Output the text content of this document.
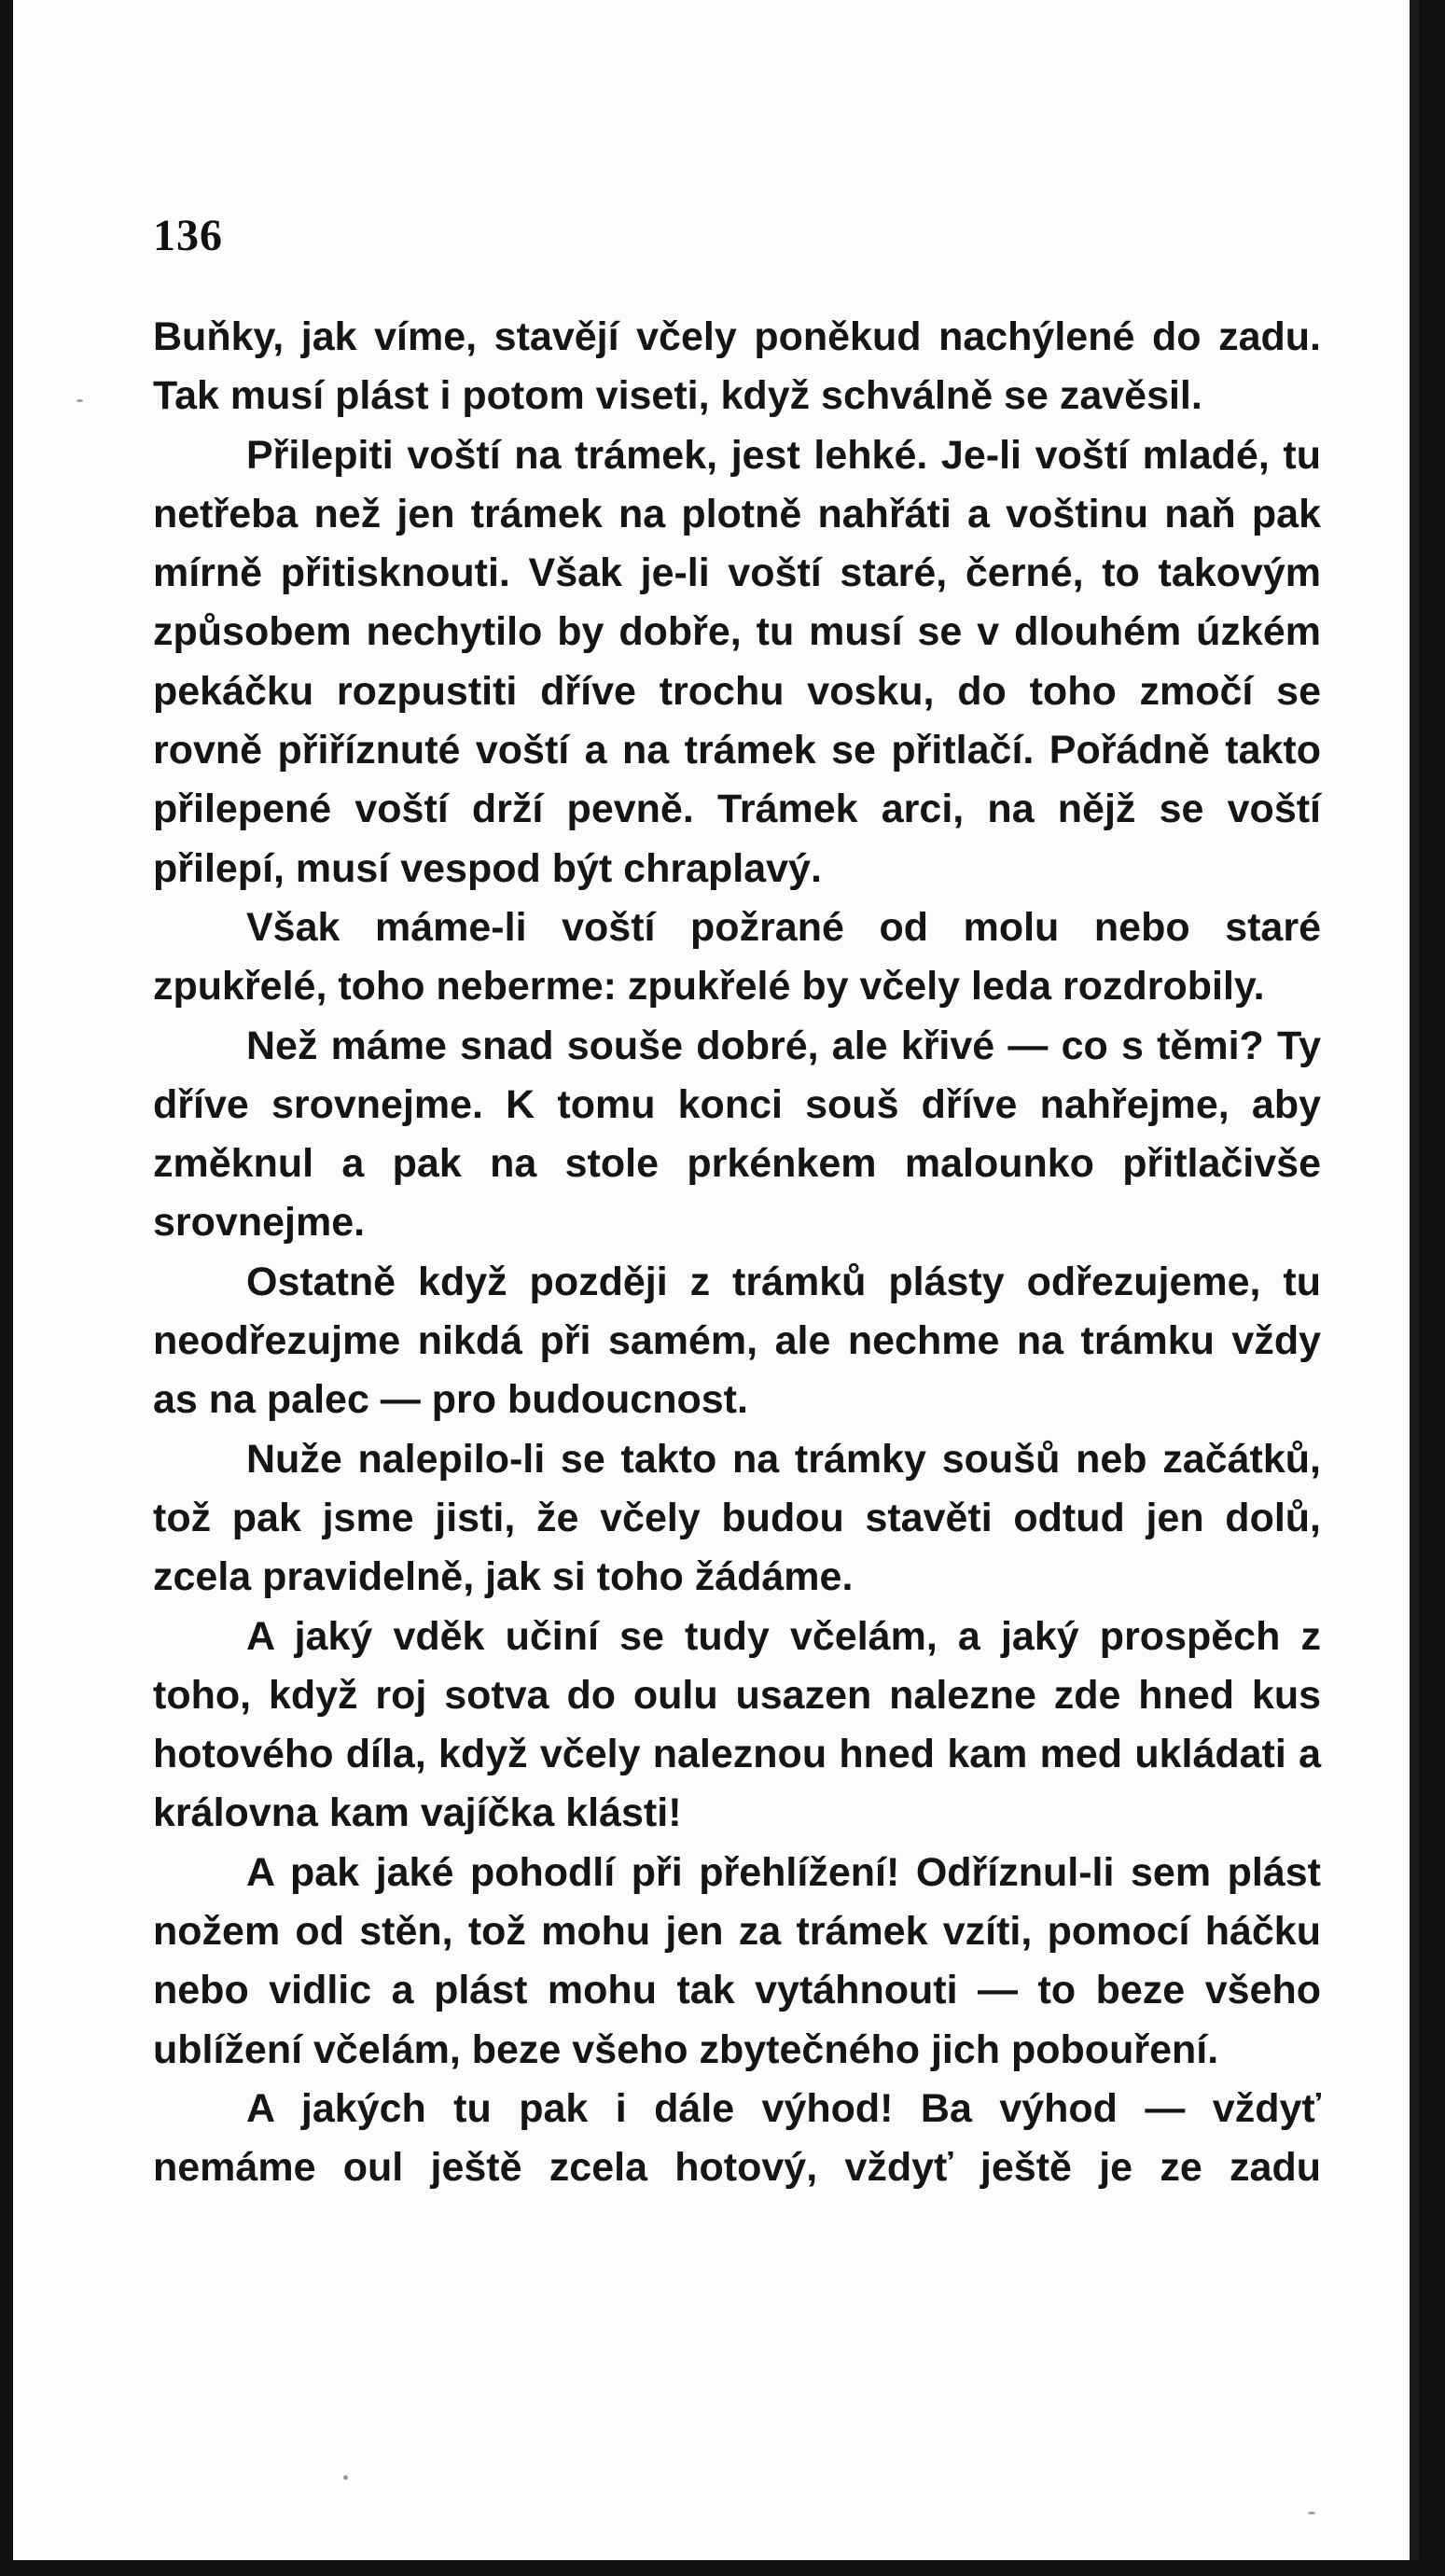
136

Buňky, jak víme, stavějí včely poněkud nachýlené do zadu. Tak musí plást i potom viseti, když schválně se zavěsil.

Přilepiti voští na trámek, jest lehké. Je-li voští mladé, tu netřeba než jen trámek na plotně nahřáti a voštinu naň pak mírně přitisknouti. Však je-li voští staré, černé, to takovým způsobem nechytilo by dobře, tu musí se v dlouhém úzkém pekáčku rozpustiti dříve trochu vosku, do toho zmočí se rovně přiříznuté voští a na trámek se přitlačí. Pořádně takto přilepené voští drží pevně. Trámek arci, na nějž se voští přilepí, musí vespod být chraplavý.

Však máme-li voští požrané od molu nebo staré zpukřelé, toho neberme: zpukřelé by včely leda rozdrobily.

Než máme snad souše dobré, ale křivé — co s těmi? Ty dříve srovnejme. K tomu konci souš dříve nahřejme, aby změknul a pak na stole prkénkem malounko přitlačivše srovnejme.

Ostatně když později z trámků plásty odřezujeme, tu neodřezujme nikdá při samém, ale nechme na trámku vždy as na palec — pro budoucnost.

Nuže nalepilo-li se takto na trámky soušů neb začátků, tož pak jsme jisti, že včely budou stavěti odtud jen dolů, zcela pravidelně, jak si toho žádáme.

A jaký vděk učiní se tudy včelám, a jaký prospěch z toho, když roj sotva do oulu usazen nalezne zde hned kus hotového díla, když včely naleznou hned kam med ukládati a královna kam vajíčka klásti!

A pak jaké pohodlí při přehlížení! Odříznul-li sem plást nožem od stěn, tož mohu jen za trámek vzíti, pomocí háčku nebo vidlic a plást mohu tak vytáhnouti — to beze všeho ublížení včelám, beze všeho zbytečného jich pobouření.

A jakých tu pak i dále výhod! Ba výhod — vždyť nemáme oul ještě zcela hotový, vždyť ještě je ze zadu
